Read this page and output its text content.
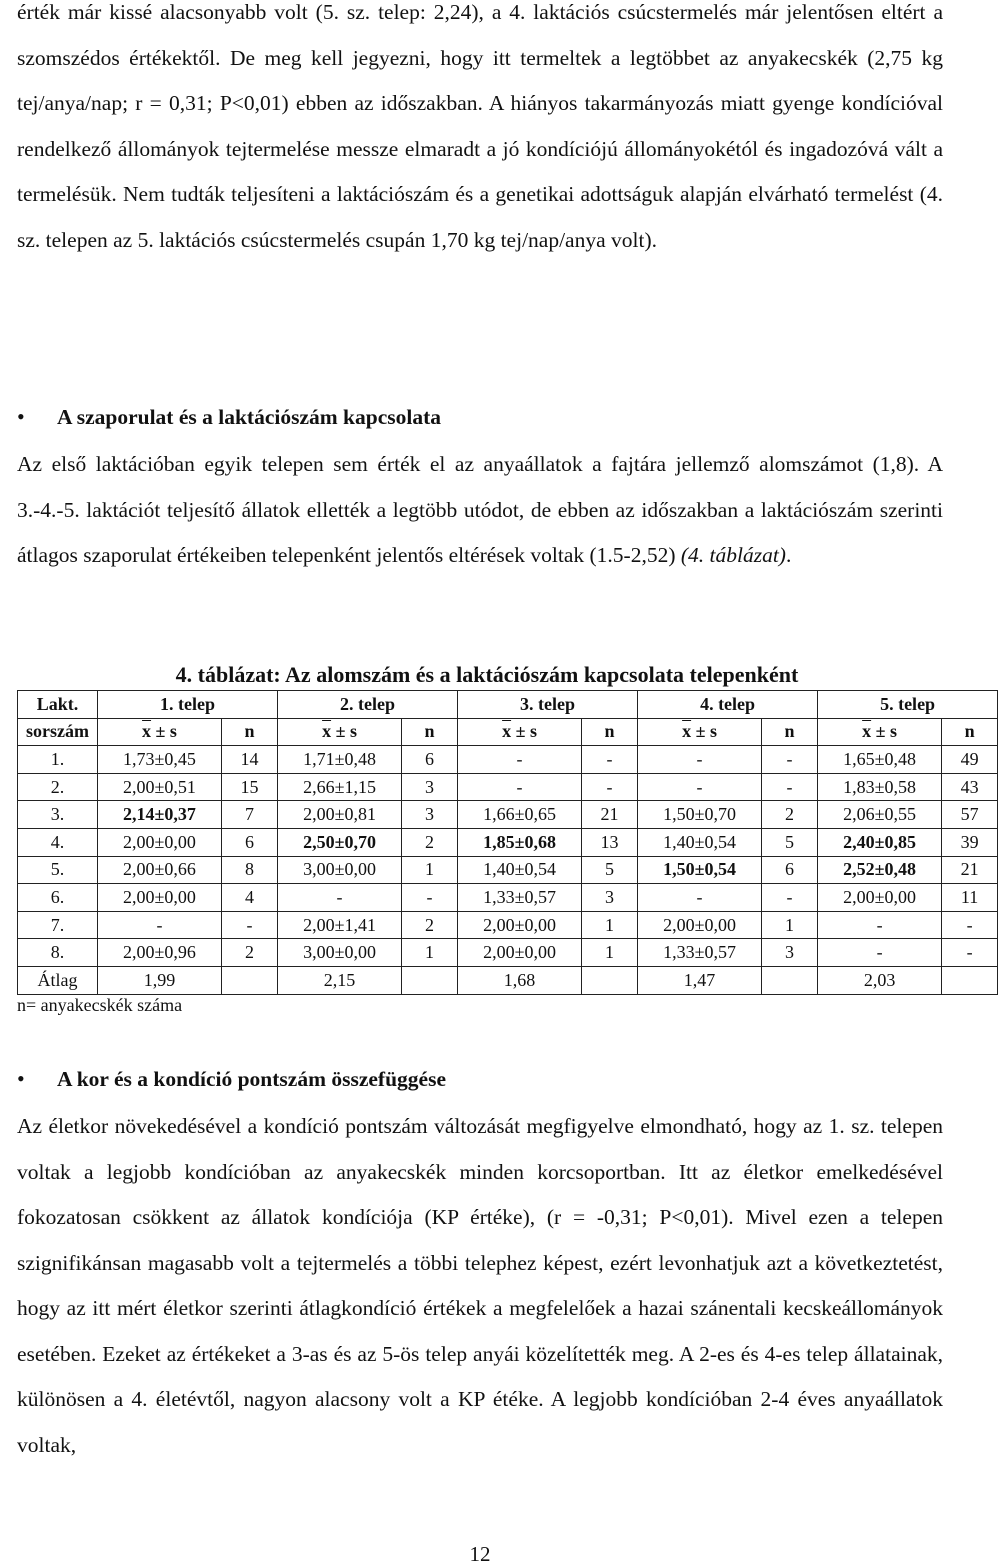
érték már kissé alacsonyabb volt (5. sz. telep: 2,24), a 4. laktációs csúcstermelés már jelentősen eltért a szomszédos értékektől. De meg kell jegyezni, hogy itt termeltek a legtöbbet az anyakecskék (2,75 kg tej/anya/nap; r = 0,31; P<0,01) ebben az időszakban. A hiányos takarmányozás miatt gyenge kondícióval rendelkező állományok tejtermelése messze elmaradt a jó kondíciójú állományokétól és ingadozóvá vált a termelésük. Nem tudták teljesíteni a laktációszám és a genetikai adottságuk alapján elvárható termelést (4. sz. telepen az 5. laktációs csúcstermelés csupán 1,70 kg tej/nap/anya volt).

•	A szaporulat és a laktációszám kapcsolata

Az első laktációban egyik telepen sem érték el az anyaállatok a fajtára jellemző alomszámot (1,8). A 3.-4.-5. laktációt teljesítő állatok ellették a legtöbb utódot, de ebben az időszakban a laktációszám szerinti átlagos szaporulat értékeiben telepenként jelentős eltérések voltak (1.5-2,52) (4. táblázat).

4. táblázat: Az alomszám és a laktációszám kapcsolata telepenként
Lakt.	1. telep		2. telep		3. telep		4. telep		5. telep	
sorszám	$\overline{x} \pm s$	n	$\overline{x} \pm s$	n	$\overline{x} \pm s$	n	$\overline{x} \pm s$	n	$\overline{x} \pm s$	n
1.	1,73±0,45	14	1,71±0,48	6	-	-	-	-	1,65±0,48	49
2.	2,00±0,51	15	2,66±1,15	3	-	-	-	-	1,83±0,58	43
3.	2,14±0,37	7	2,00±0,81	3	1,66±0,65	21	1,50±0,70	2	2,06±0,55	57
4.	2,00±0,00	6	2,50±0,70	2	1,85±0,68	13	1,40±0,54	5	2,40±0,85	39
5.	2,00±0,66	8	3,00±0,00	1	1,40±0,54	5	1,50±0,54	6	2,52±0,48	21
6.	2,00±0,00	4	-	-	1,33±0,57	3	-	-	2,00±0,00	11
7.	-	-	2,00±1,41	2	2,00±0,00	1	2,00±0,00	1	-	-
8.	2,00±0,96	2	3,00±0,00	1	2,00±0,00	1	1,33±0,57	3	-	-
Átlag	1,99		2,15		1,68		1,47		2,03	
n= anyakecskék száma
•	A kor és a kondíció pontszám összefüggése

Az életkor növekedésével a kondíció pontszám változását megfigyelve elmondható, hogy az 1. sz. telepen voltak a legjobb kondícióban az anyakecskék minden korcsoportban. Itt az életkor emelkedésével fokozatosan csökkent az állatok kondíciója (KP értéke), (r = -0,31; P<0,01). Mivel ezen a telepen szignifikánsan magasabb volt a tejtermelés a többi telephez képest, ezért levonhatjuk azt a következtetést, hogy az itt mért életkor szerinti átlagkondíció értékek a megfelelőek a hazai szánentali kecskeállományok esetében. Ezeket az értékeket a 3-as és az 5-ös telep anyái közelítették meg. A 2-es és 4-es telep állatainak, különösen a 4. életévtől, nagyon alacsony volt a KP étéke. A legjobb kondícióban 2-4 éves anyaállatok voltak,

12
